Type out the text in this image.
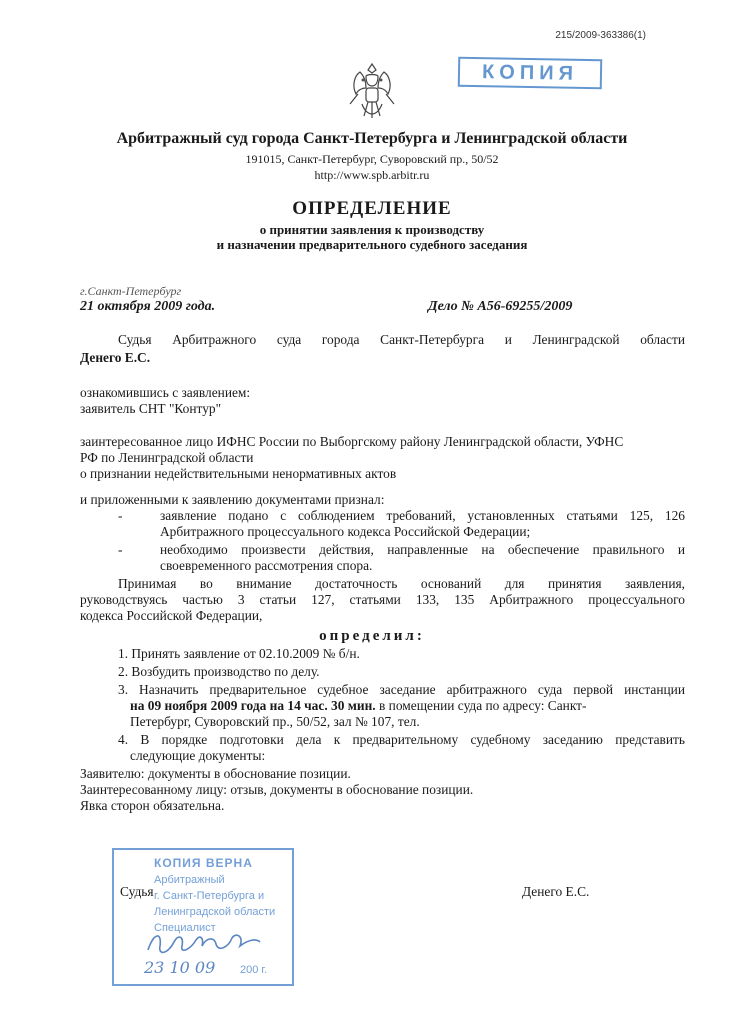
215/2009-363386(1)
КОПИЯ
Арбитражный суд города Санкт-Петербурга и Ленинградской области
191015, Санкт-Петербург, Суворовский пр., 50/52
http://www.spb.arbitr.ru
ОПРЕДЕЛЕНИЕ
о принятии заявления к производству
и назначении предварительного судебного заседания
г.Санкт-Петербург
21 октября 2009 года.	Дело № А56-69255/2009
Судья Арбитражного суда города Санкт-Петербурга и Ленинградской области
Денего Е.С.
ознакомившись с заявлением:
заявитель СНТ "Контур"
заинтересованное лицо ИФНС России по Выборгскому району Ленинградской области, УФНС
РФ по Ленинградской области
о признании недействительными ненормативных актов
и приложенными к заявлению документами признал:
-	заявление подано с соблюдением требований, установленных статьями 125, 126
Арбитражного процессуального кодекса Российской Федерации;
-	необходимо произвести действия, направленные на обеспечение правильного и
своевременного рассмотрения спора.
Принимая во внимание достаточность оснований для принятия заявления,
руководствуясь частью 3 статьи 127, статьями 133, 135 Арбитражного процессуального
кодекса Российской Федерации,
определил:
1. Принять заявление от 02.10.2009 № б/н.
2. Возбудить производство по делу.
3. Назначить предварительное судебное заседание арбитражного суда первой инстанции
на 09 ноября 2009 года на 14 час. 30 мин. в помещении суда по адресу: Санкт-
Петербург, Суворовский пр., 50/52, зал № 107, тел.
4. В порядке подготовки дела к предварительному судебному заседанию представить
следующие документы:
Заявителю: документы в обоснование позиции.
Заинтересованному лицу: отзыв, документы в обоснование позиции.
Явка сторон обязательна.
КОПИЯ ВЕРНА
Арбитражный
г. Санкт-Петербурга и
Ленинградской области
Специалист
23 10 09 200 г.
Судья	Денего Е.С.
